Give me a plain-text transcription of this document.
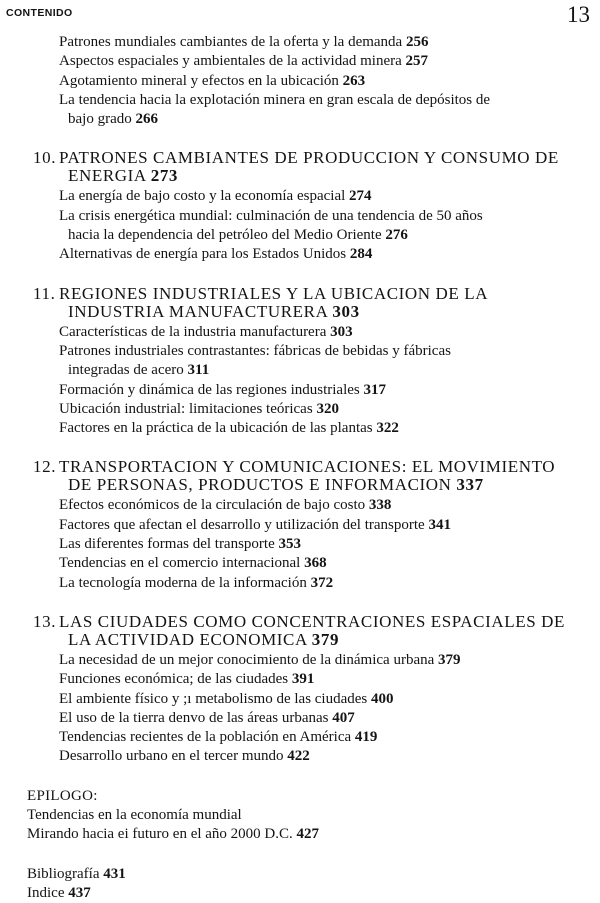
CONTENIDO	13
Patrones mundiales cambiantes de la oferta y la demanda 256
Aspectos espaciales y ambientales de la actividad minera 257
Agotamiento mineral y efectos en la ubicación 263
La tendencia hacia la explotación minera en gran escala de depósitos de
bajo grado 266
10. PATRONES CAMBIANTES DE PRODUCCION Y CONSUMO DE
ENERGIA 273
La energía de bajo costo y la economía espacial 274
La crisis energética mundial: culminación de una tendencia de 50 años
hacia la dependencia del petróleo del Medio Oriente 276
Alternativas de energía para los Estados Unidos 284
11. REGIONES INDUSTRIALES Y LA UBICACION DE LA
INDUSTRIA MANUFACTURERA 303
Características de la industria manufacturera 303
Patrones industriales contrastantes: fábricas de bebidas y fábricas
integradas de acero 311
Formación y dinámica de las regiones industriales 317
Ubicación industrial: limitaciones teóricas 320
Factores en la práctica de la ubicación de las plantas 322
12. TRANSPORTACION Y COMUNICACIONES: EL MOVIMIENTO
DE PERSONAS, PRODUCTOS E INFORMACION 337
Efectos económicos de la circulación de bajo costo 338
Factores que afectan el desarrollo y utilización del transporte 341
Las diferentes formas del transporte 353
Tendencias en el comercio internacional 368
La tecnología moderna de la información 372
13. LAS CIUDADES COMO CONCENTRACIONES ESPACIALES DE
LA ACTIVIDAD ECONOMICA 379
La necesidad de un mejor conocimiento de la dinámica urbana 379
Funciones económica; de las ciudades 391
El ambiente físico y ;ı metabolismo de las ciudades 400
El uso de la tierra denvo de las áreas urbanas 407
Tendencias recientes de la población en América 419
Desarrollo urbano en el tercer mundo 422
EPILOGO:
Tendencias en la economía mundial
Mirando hacia ei futuro en el año 2000 D.C. 427
Bibliografía 431
Indice 437
